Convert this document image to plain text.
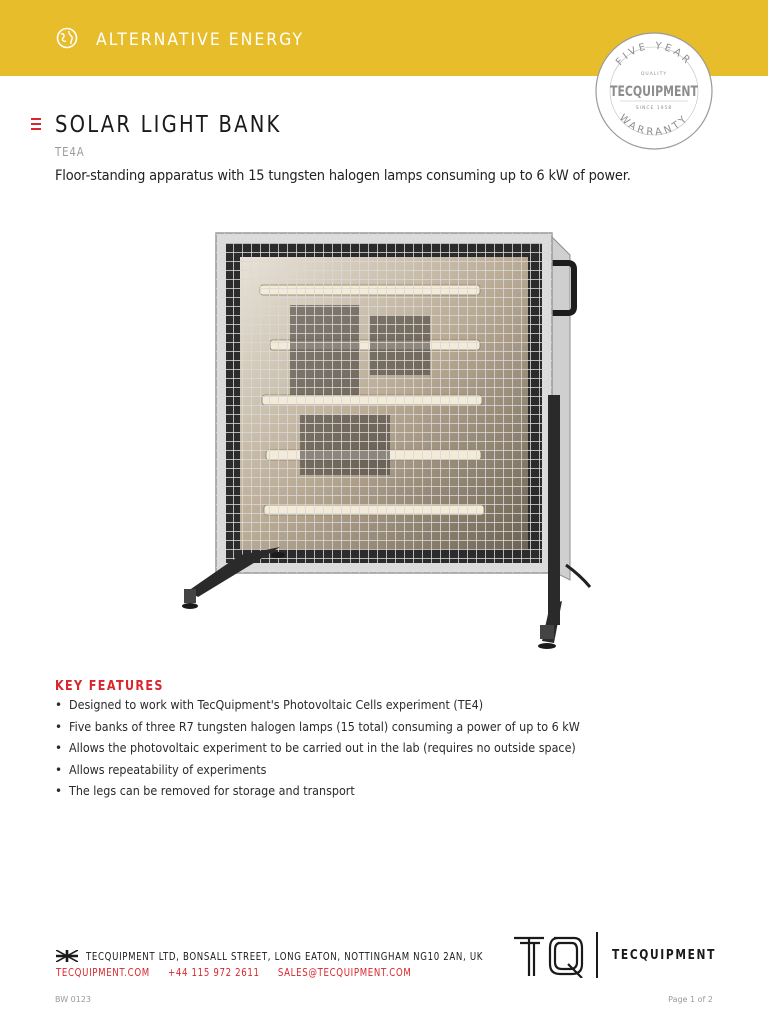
ALTERNATIVE ENERGY
FIVE YEAR
WARRANTY
QUALITY
TECQUIPMENT
SINCE 1958
SOLAR LIGHT BANK
TE4A
Floor-standing apparatus with 15 tungsten halogen lamps consuming up to 6 kW of power.
KEY FEATURES
• Designed to work with TecQuipment's Photovoltaic Cells experiment (TE4)
• Five banks of three R7 tungsten halogen lamps (15 total) consuming a power of up to 6 kW
• Allows the photovoltaic experiment to be carried out in the lab (requires no outside space)
• Allows repeatability of experiments
• The legs can be removed for storage and transport
TECQUIPMENT LTD, BONSALL STREET, LONG EATON, NOTTINGHAM NG10 2AN, UK
TECQUIPMENT.COM +44 115 972 2611 SALES@TECQUIPMENT.COM
TECQUIPMENT
BW 0123	Page 1 of 2
